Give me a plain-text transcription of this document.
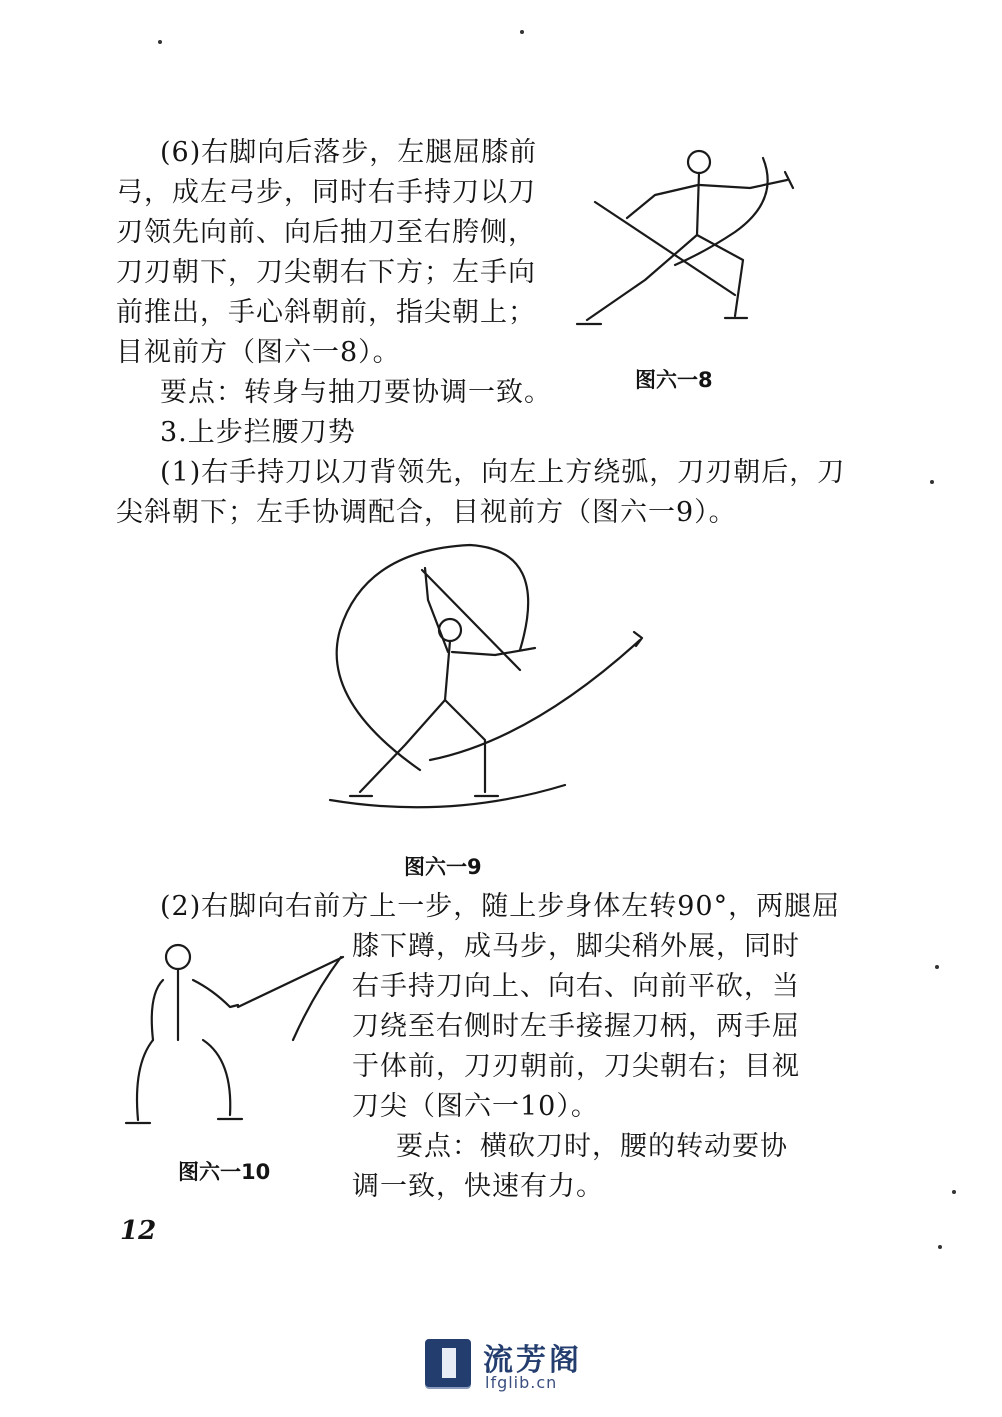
(6)右脚向后落步，左腿屈膝前
弓，成左弓步，同时右手持刀以刀
刃领先向前、向后抽刀至右胯侧，
刀刃朝下，刀尖朝右下方；左手向
前推出，手心斜朝前，指尖朝上；
目视前方（图六一8）。
要点：转身与抽刀要协调一致。
3.上步拦腰刀势
(1)右手持刀以刀背领先，向左上方绕弧，刀刃朝后，刀
尖斜朝下；左手协调配合，目视前方（图六一9）。
(2)右脚向右前方上一步，随上步身体左转90°，两腿屈
膝下蹲，成马步，脚尖稍外展，同时
右手持刀向上、向右、向前平砍，当
刀绕至右侧时左手接握刀柄，两手屈
于体前，刀刃朝前，刀尖朝右；目视
刀尖（图六一10）。
要点：横砍刀时，腰的转动要协
调一致，快速有力。
图六一8
图六一9
图六一10
12
流芳阁
lfglib.cn
